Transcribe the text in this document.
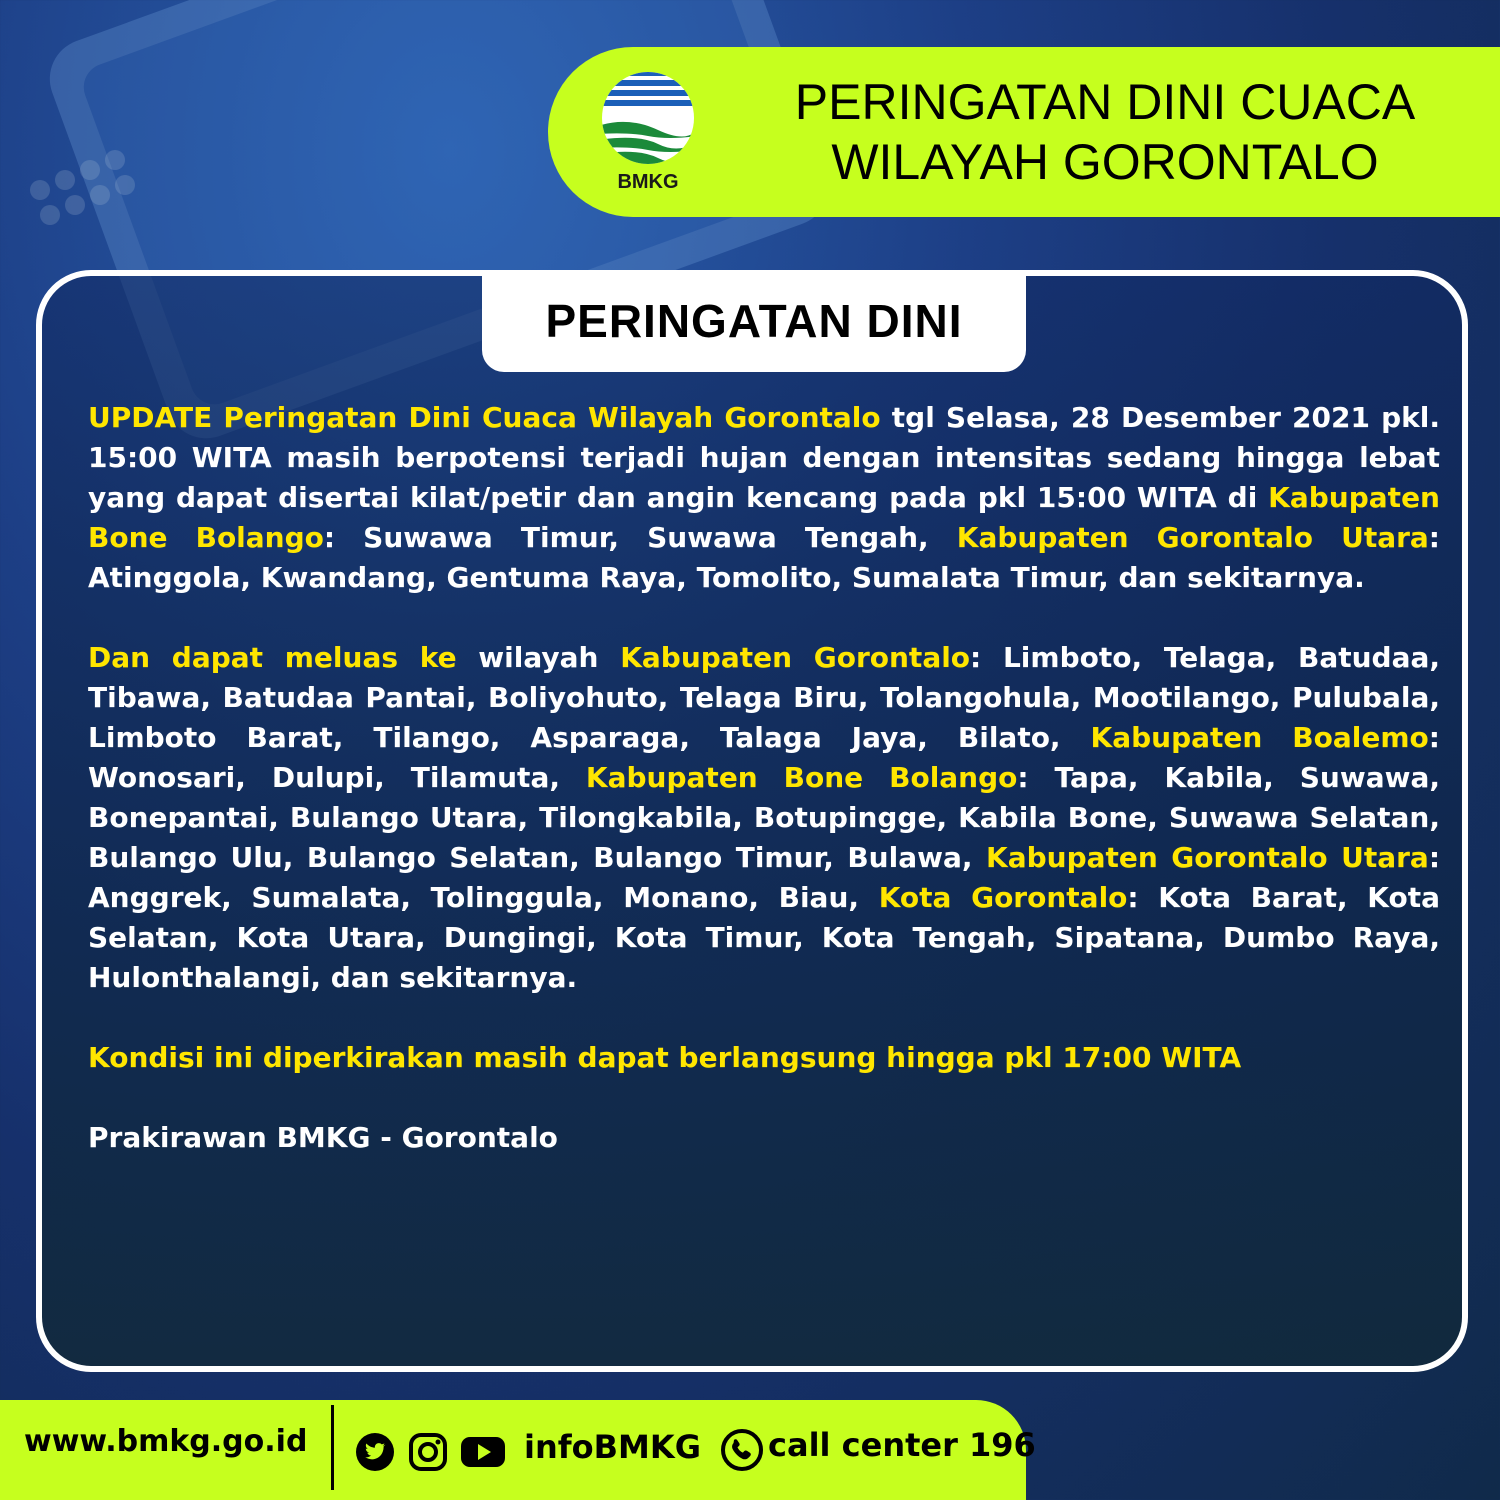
BMKG
PERINGATAN DINI CUACA
WILAYAH GORONTALO
PERINGATAN DINI

UPDATE Peringatan Dini Cuaca Wilayah Gorontalo tgl Selasa, 28 Desember 2021 pkl. 15:00 WITA masih berpotensi terjadi hujan dengan intensitas sedang hingga lebat yang dapat disertai kilat/petir dan angin kencang pada pkl 15:00 WITA di Kabupaten Bone Bolango: Suwawa Timur, Suwawa Tengah, Kabupaten Gorontalo Utara: Atinggola, Kwandang, Gentuma Raya, Tomolito, Sumalata Timur, dan sekitarnya.

Dan dapat meluas ke wilayah Kabupaten Gorontalo: Limboto, Telaga, Batudaa, Tibawa, Batudaa Pantai, Boliyohuto, Telaga Biru, Tolangohula, Mootilango, Pulubala, Limboto Barat, Tilango, Asparaga, Talaga Jaya, Bilato, Kabupaten Boalemo: Wonosari, Dulupi, Tilamuta, Kabupaten Bone Bolango: Tapa, Kabila, Suwawa, Bonepantai, Bulango Utara, Tilongkabila, Botupingge, Kabila Bone, Suwawa Selatan, Bulango Ulu, Bulango Selatan, Bulango Timur, Bulawa, Kabupaten Gorontalo Utara: Anggrek, Sumalata, Tolinggula, Monano, Biau, Kota Gorontalo: Kota Barat, Kota Selatan, Kota Utara, Dungingi, Kota Timur, Kota Tengah, Sipatana, Dumbo Raya, Hulonthalangi, dan sekitarnya.

Kondisi ini diperkirakan masih dapat berlangsung hingga pkl 17:00 WITA

Prakirawan BMKG - Gorontalo

www.bmkg.go.id	infoBMKG call center 196
